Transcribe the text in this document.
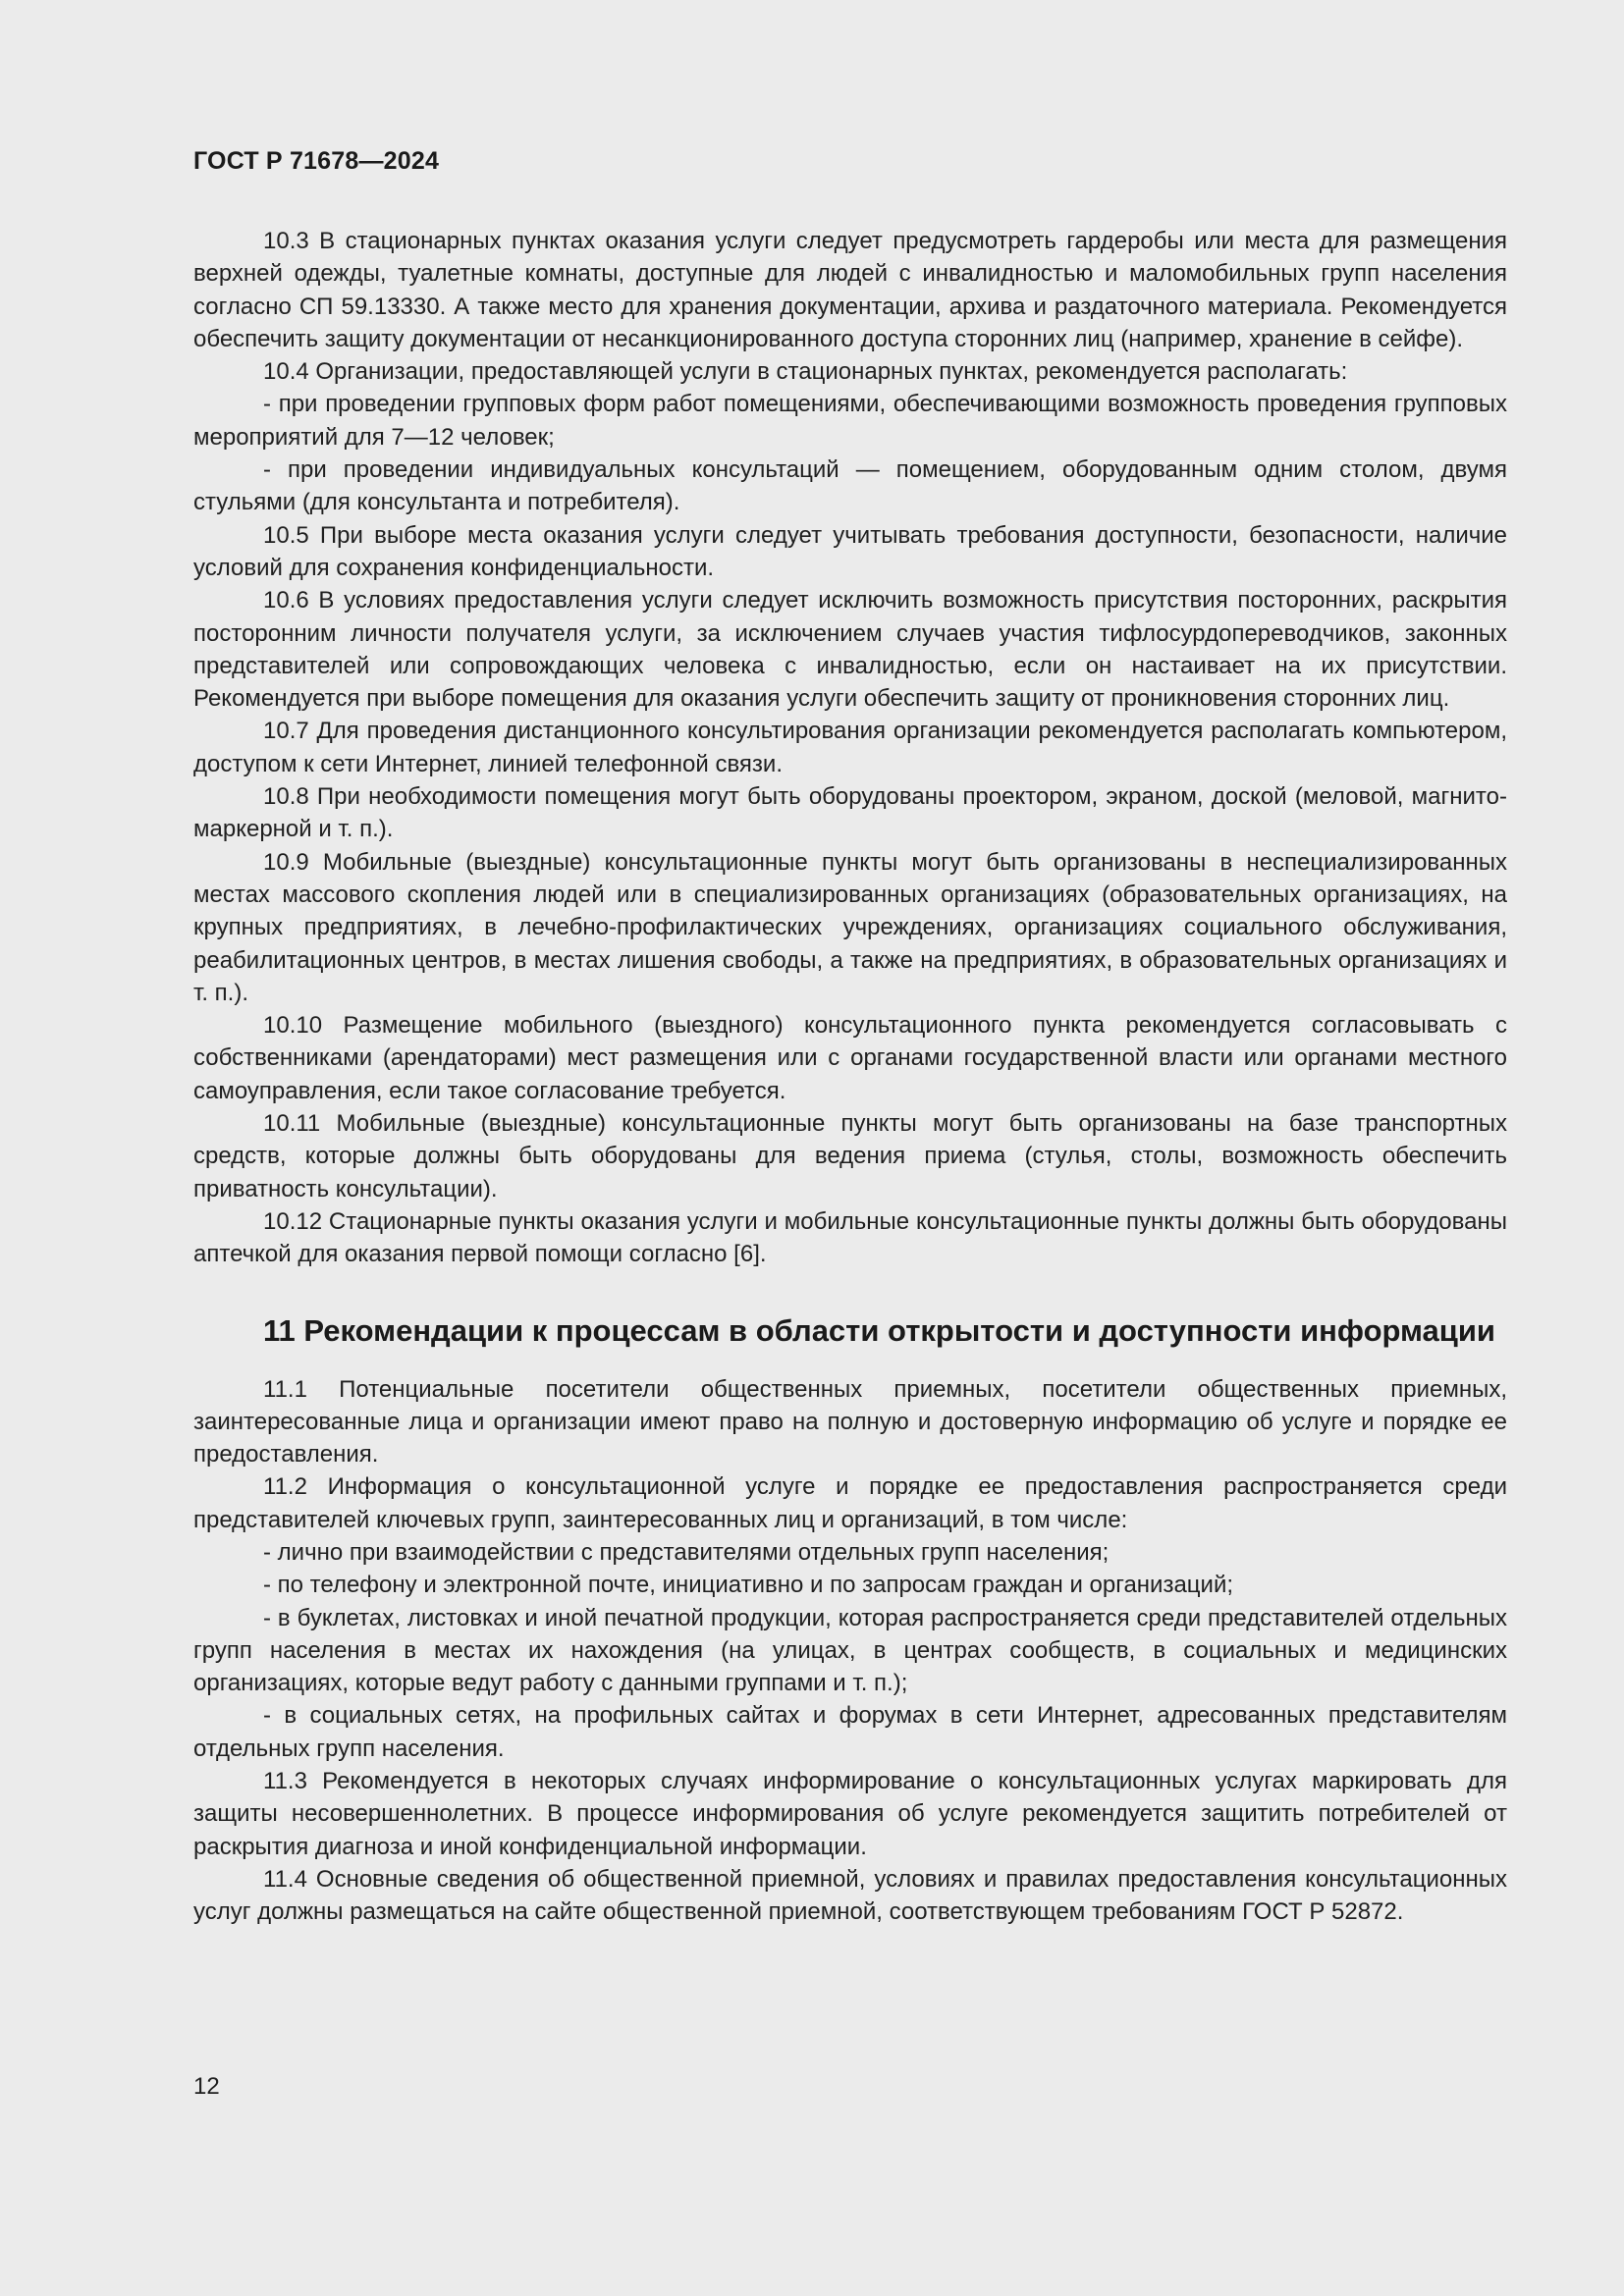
ГОСТ Р 71678—2024

10.3 В стационарных пунктах оказания услуги следует предусмотреть гардеробы или места для размещения верхней одежды, туалетные комнаты, доступные для людей с инвалидностью и маломобильных групп населения согласно СП 59.13330. А также место для хранения документации, архива и раздаточного материала. Рекомендуется обеспечить защиту документации от несанкционированного доступа сторонних лиц (например, хранение в сейфе).

10.4 Организации, предоставляющей услуги в стационарных пунктах, рекомендуется располагать:

- при проведении групповых форм работ помещениями, обеспечивающими возможность проведения групповых мероприятий для 7—12 человек;

- при проведении индивидуальных консультаций — помещением, оборудованным одним столом, двумя стульями (для консультанта и потребителя).

10.5 При выборе места оказания услуги следует учитывать требования доступности, безопасности, наличие условий для сохранения конфиденциальности.

10.6 В условиях предоставления услуги следует исключить возможность присутствия посторонних, раскрытия посторонним личности получателя услуги, за исключением случаев участия тифлосурдопереводчиков, законных представителей или сопровождающих человека с инвалидностью, если он настаивает на их присутствии. Рекомендуется при выборе помещения для оказания услуги обеспечить защиту от проникновения сторонних лиц.

10.7 Для проведения дистанционного консультирования организации рекомендуется располагать компьютером, доступом к сети Интернет, линией телефонной связи.

10.8 При необходимости помещения могут быть оборудованы проектором, экраном, доской (меловой, магнито-маркерной и т. п.).

10.9 Мобильные (выездные) консультационные пункты могут быть организованы в неспециализированных местах массового скопления людей или в специализированных организациях (образовательных организациях, на крупных предприятиях, в лечебно-профилактических учреждениях, организациях социального обслуживания, реабилитационных центров, в местах лишения свободы, а также на предприятиях, в образовательных организациях и т. п.).

10.10 Размещение мобильного (выездного) консультационного пункта рекомендуется согласовывать с собственниками (арендаторами) мест размещения или с органами государственной власти или органами местного самоуправления, если такое согласование требуется.

10.11 Мобильные (выездные) консультационные пункты могут быть организованы на базе транспортных средств, которые должны быть оборудованы для ведения приема (стулья, столы, возможность обеспечить приватность консультации).

10.12 Стационарные пункты оказания услуги и мобильные консультационные пункты должны быть оборудованы аптечкой для оказания первой помощи согласно [6].

11 Рекомендации к процессам в области открытости и доступности информации

11.1 Потенциальные посетители общественных приемных, посетители общественных приемных, заинтересованные лица и организации имеют право на полную и достоверную информацию об услуге и порядке ее предоставления.

11.2 Информация о консультационной услуге и порядке ее предоставления распространяется среди представителей ключевых групп, заинтересованных лиц и организаций, в том числе:

- лично при взаимодействии с представителями отдельных групп населения;

- по телефону и электронной почте, инициативно и по запросам граждан и организаций;

- в буклетах, листовках и иной печатной продукции, которая распространяется среди представителей отдельных групп населения в местах их нахождения (на улицах, в центрах сообществ, в социальных и медицинских организациях, которые ведут работу с данными группами и т. п.);

- в социальных сетях, на профильных сайтах и форумах в сети Интернет, адресованных представителям отдельных групп населения.

11.3 Рекомендуется в некоторых случаях информирование о консультационных услугах маркировать для защиты несовершеннолетних. В процессе информирования об услуге рекомендуется защитить потребителей от раскрытия диагноза и иной конфиденциальной информации.

11.4 Основные сведения об общественной приемной, условиях и правилах предоставления консультационных услуг должны размещаться на сайте общественной приемной, соответствующем требованиям ГОСТ Р 52872.

12
